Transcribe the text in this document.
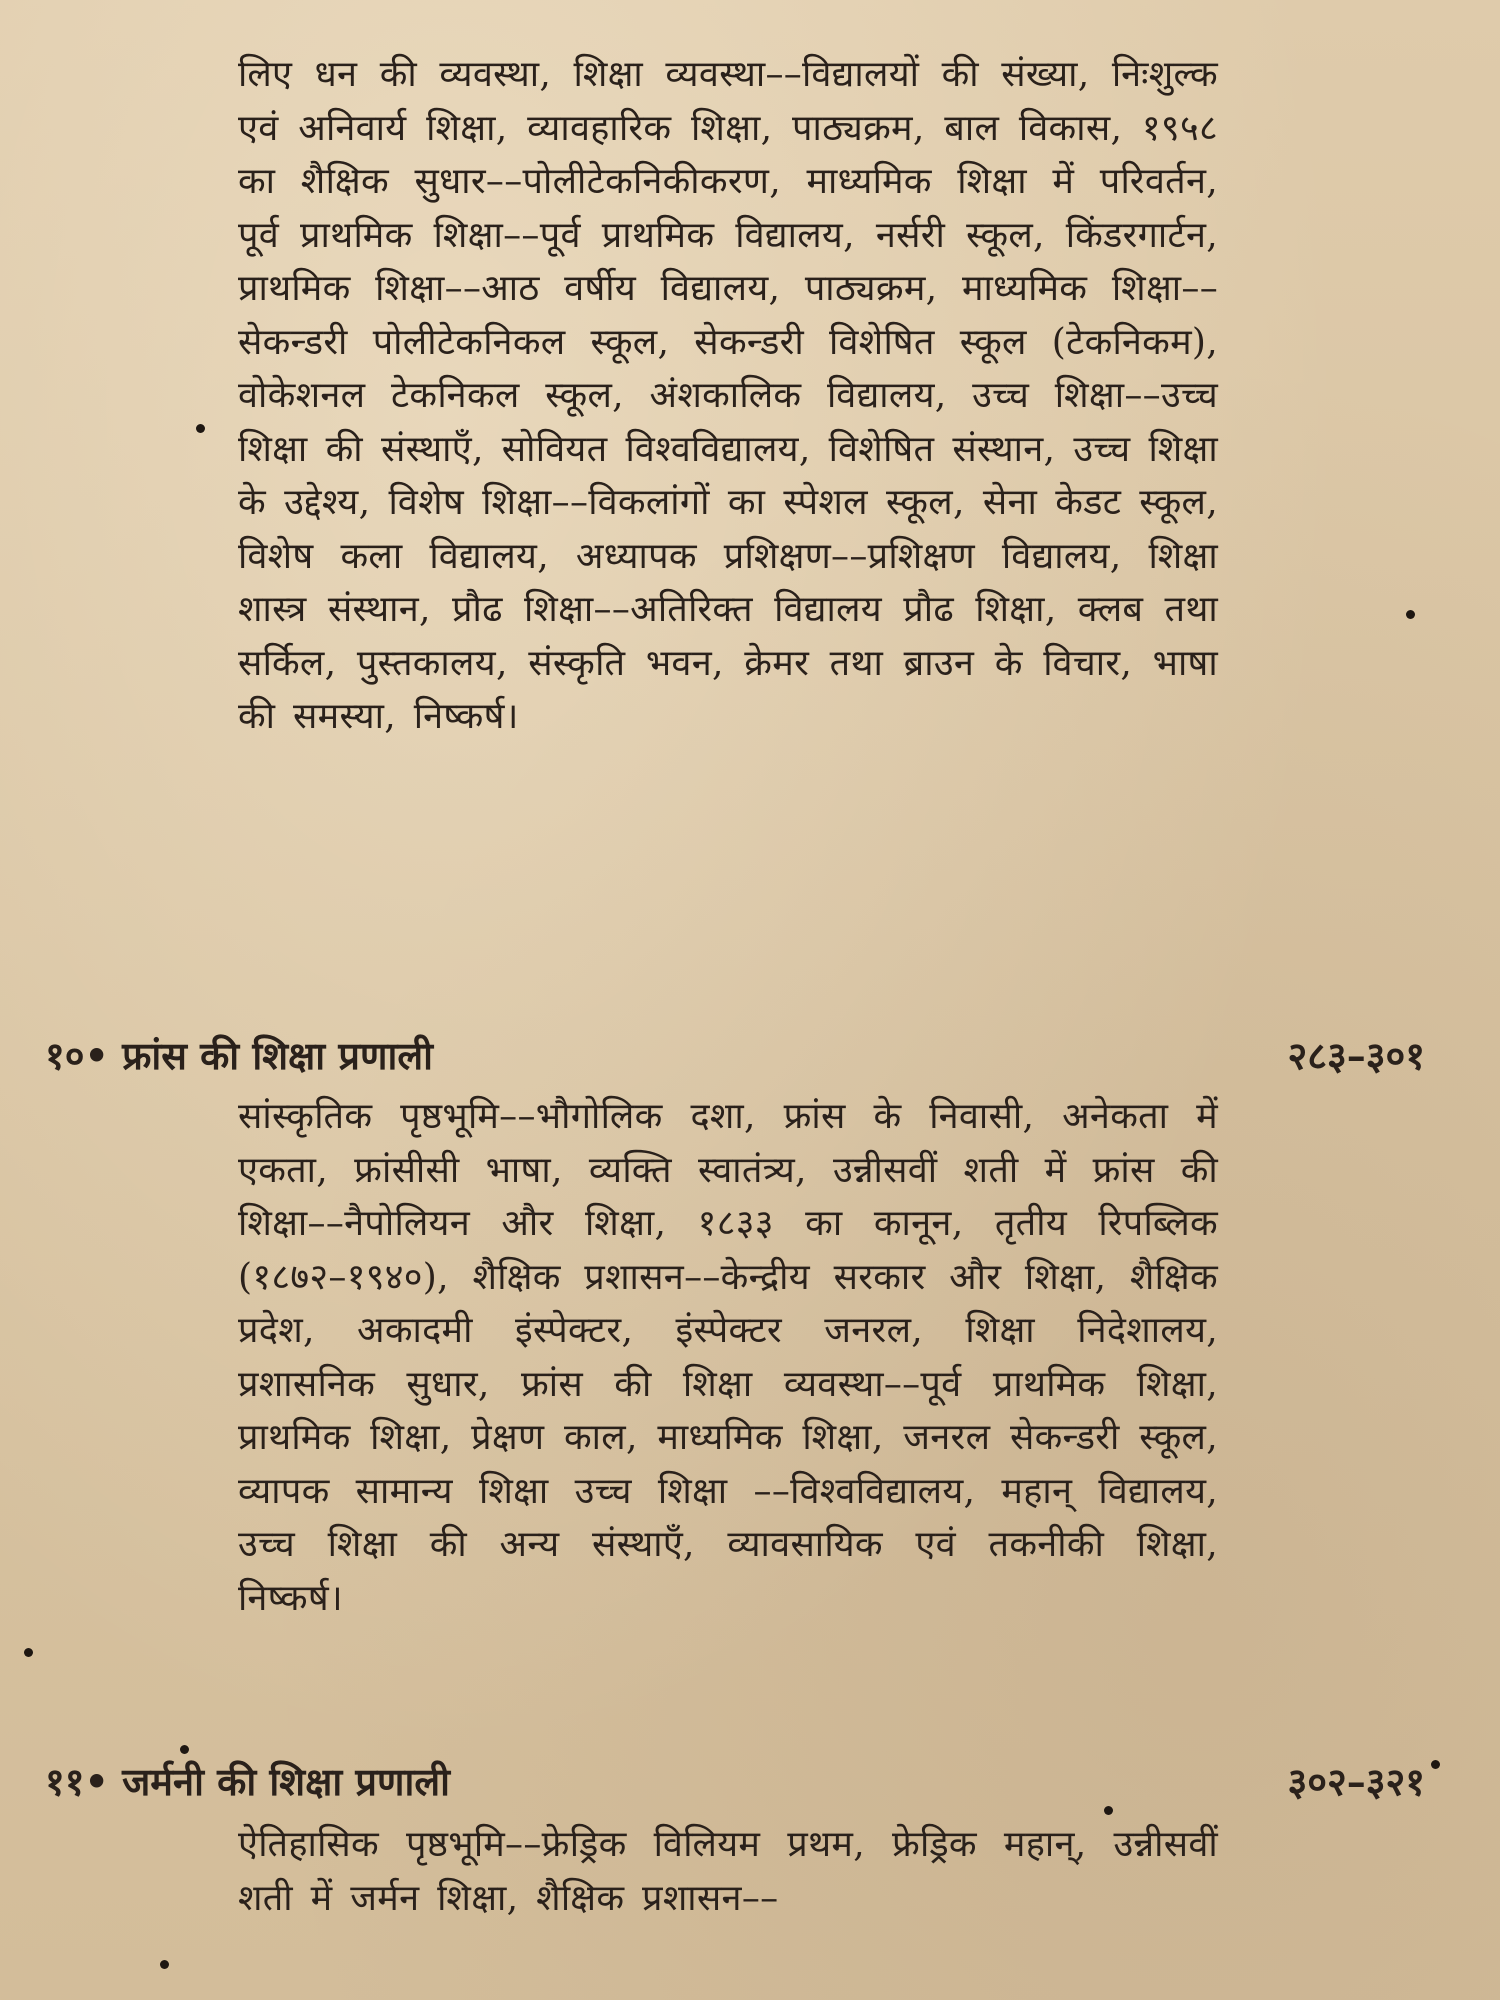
लिए धन की व्यवस्था, शिक्षा व्यवस्था––विद्यालयों की संख्या, निःशुल्क एवं अनिवार्य शिक्षा, व्यावहारिक शिक्षा, पाठ्यक्रम, बाल विकास, १९५८ का शैक्षिक सुधार––पोलीटेकनिकीकरण, माध्यमिक शिक्षा में परिवर्तन, पूर्व प्राथमिक शिक्षा––पूर्व प्राथमिक विद्यालय, नर्सरी स्कूल, किंडरगार्टन, प्राथमिक शिक्षा––आठ वर्षीय विद्यालय, पाठ्यक्रम, माध्यमिक शिक्षा––सेकन्डरी पोलीटेकनिकल स्कूल, सेकन्डरी विशेषित स्कूल (टेकनिकम), वोकेशनल टेकनिकल स्कूल, अंशकालिक विद्यालय, उच्च शिक्षा––उच्च शिक्षा की संस्थाएँ, सोवियत विश्वविद्यालय, विशेषित संस्थान, उच्च शिक्षा के उद्देश्य, विशेष शिक्षा––विकलांगों का स्पेशल स्कूल, सेना केडट स्कूल, विशेष कला विद्यालय, अध्यापक प्रशिक्षण––प्रशिक्षण विद्यालय, शिक्षा शास्त्र संस्थान, प्रौढ शिक्षा––अतिरिक्त विद्यालय प्रौढ शिक्षा, क्लब तथा सर्किल, पुस्तकालय, संस्कृति भवन, क्रेमर तथा ब्राउन के विचार, भाषा की समस्या, निष्कर्ष।

१०• फ्रांस की शिक्षा प्रणाली	२८३–३०१

सांस्कृतिक पृष्ठभूमि––भौगोलिक दशा, फ्रांस के निवासी, अनेकता में एकता, फ्रांसीसी भाषा, व्यक्ति स्वातंत्र्य, उन्नीसवीं शती में फ्रांस की शिक्षा––नैपोलियन और शिक्षा, १८३३ का कानून, तृतीय रिपब्लिक (१८७२–१९४०), शैक्षिक प्रशासन––केन्द्रीय सरकार और शिक्षा, शैक्षिक प्रदेश, अकादमी इंस्पेक्टर, इंस्पेक्टर जनरल, शिक्षा निदेशालय, प्रशासनिक सुधार, फ्रांस की शिक्षा व्यवस्था––पूर्व प्राथमिक शिक्षा, प्राथमिक शिक्षा, प्रेक्षण काल, माध्यमिक शिक्षा, जनरल सेकन्डरी स्कूल, व्यापक सामान्य शिक्षा उच्च शिक्षा ––विश्वविद्यालय, महान् विद्यालय, उच्च शिक्षा की अन्य संस्थाएँ, व्यावसायिक एवं तकनीकी शिक्षा, निष्कर्ष।

११• जर्मनी की शिक्षा प्रणाली	३०२–३२१

ऐतिहासिक पृष्ठभूमि––फ्रेड्रिक विलियम प्रथम, फ्रेड्रिक महान्, उन्नीसवीं शती में जर्मन शिक्षा, शैक्षिक प्रशासन––
